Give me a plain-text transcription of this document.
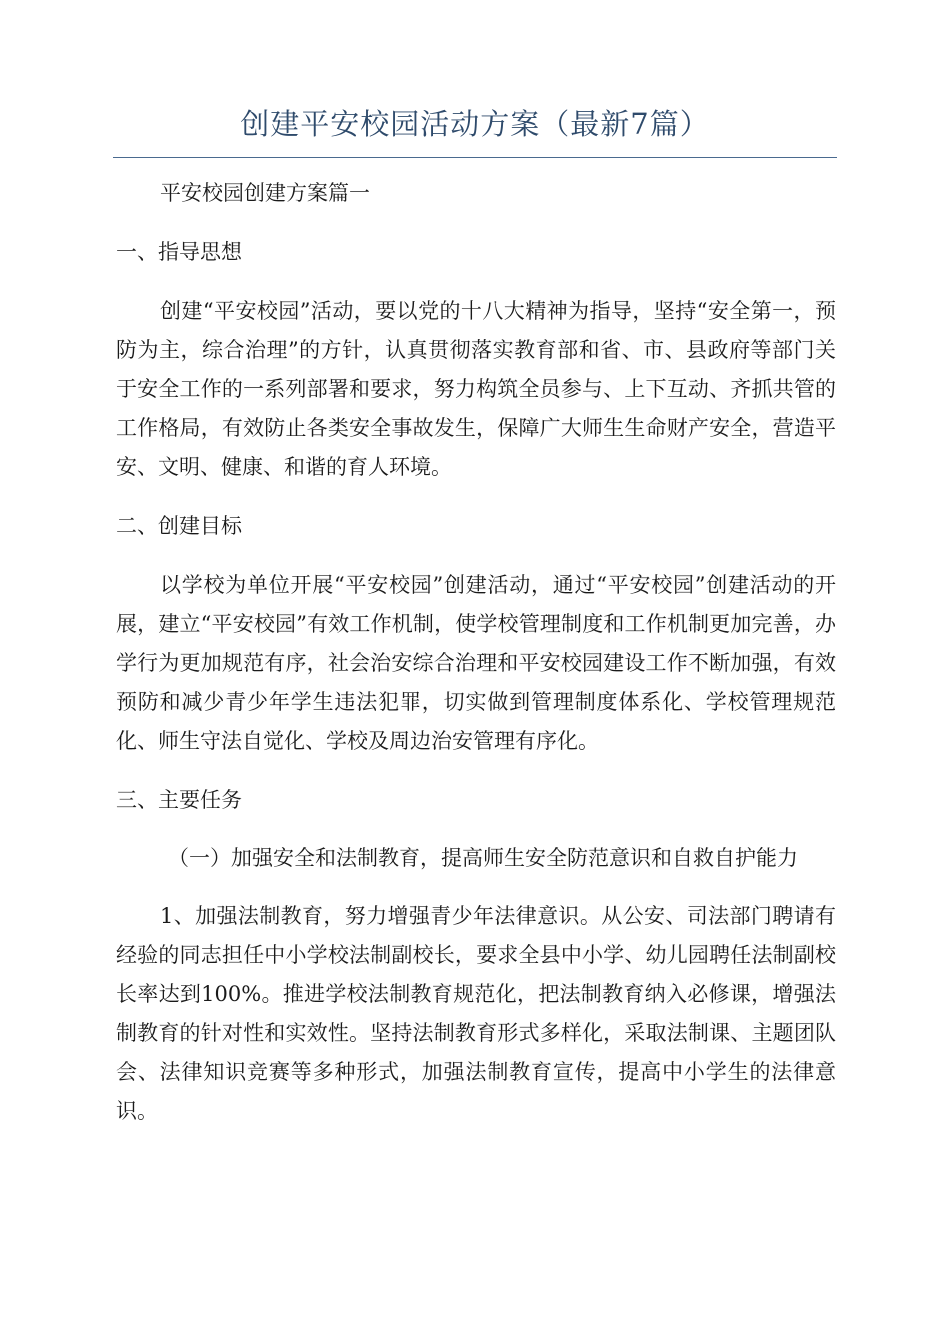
创建平安校园活动方案（最新7篇）

平安校园创建方案篇一

一、指导思想

创建“平安校园”活动，要以党的十八大精神为指导，坚持“安全第一，预防为主，综合治理”的方针，认真贯彻落实教育部和省、市、县政府等部门关于安全工作的一系列部署和要求，努力构筑全员参与、上下互动、齐抓共管的工作格局，有效防止各类安全事故发生，保障广大师生生命财产安全，营造平安、文明、健康、和谐的育人环境。

二、创建目标

以学校为单位开展“平安校园”创建活动，通过“平安校园”创建活动的开展，建立“平安校园”有效工作机制，使学校管理制度和工作机制更加完善，办学行为更加规范有序，社会治安综合治理和平安校园建设工作不断加强，有效预防和减少青少年学生违法犯罪，切实做到管理制度体系化、学校管理规范化、师生守法自觉化、学校及周边治安管理有序化。

三、主要任务

（一）加强安全和法制教育，提高师生安全防范意识和自救自护能力

1、加强法制教育，努力增强青少年法律意识。从公安、司法部门聘请有经验的同志担任中小学校法制副校长，要求全县中小学、幼儿园聘任法制副校长率达到100%。推进学校法制教育规范化，把法制教育纳入必修课，增强法制教育的针对性和实效性。坚持法制教育形式多样化，采取法制课、主题团队会、法律知识竞赛等多种形式，加强法制教育宣传，提高中小学生的法律意识。
